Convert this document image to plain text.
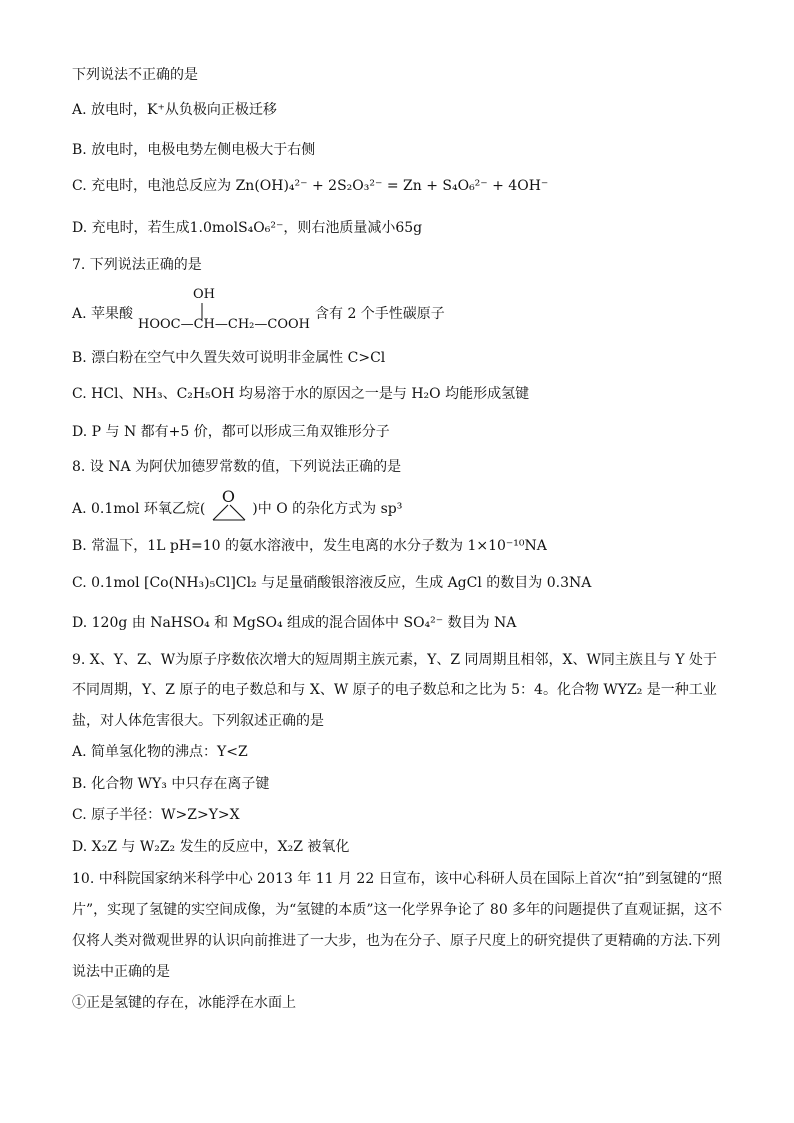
下列说法不正确的是
A. 放电时，K⁺从负极向正极迁移
B. 放电时，电极电势左侧电极大于右侧
C. 充电时，电池总反应为 Zn(OH)₄²⁻ + 2S₂O₃²⁻ = Zn + S₄O₆²⁻ + 4OH⁻
D. 充电时，若生成1.0molS₄O₆²⁻，则右池质量减小65g
7. 下列说法正确的是
A. 苹果酸
OH
HOOC—CH—CH₂—COOH
含有 2 个手性碳原子
B. 漂白粉在空气中久置失效可说明非金属性 C>Cl
C. HCl、NH₃、C₂H₅OH 均易溶于水的原因之一是与 H₂O 均能形成氢键
D. P 与 N 都有+5 价，都可以形成三角双锥形分子
8. 设 NA 为阿伏加德罗常数的值，下列说法正确的是
A. 0.1mol 环氧乙烷(
O
)中 O 的杂化方式为 sp³
B. 常温下，1L pH=10 的氨水溶液中，发生电离的水分子数为 1×10⁻¹⁰NA
C. 0.1mol [Co(NH₃)₅Cl]Cl₂ 与足量硝酸银溶液反应，生成 AgCl 的数目为 0.3NA
D. 120g 由 NaHSO₄ 和 MgSO₄ 组成的混合固体中 SO₄²⁻ 数目为 NA
9. X、Y、Z、W为原子序数依次增大的短周期主族元素，Y、Z 同周期且相邻，X、W同主族且与 Y 处于
不同周期，Y、Z 原子的电子数总和与 X、W 原子的电子数总和之比为 5：4。化合物 WYZ₂ 是一种工业
盐，对人体危害很大。下列叙述正确的是
A. 简单氢化物的沸点：Y<Z
B. 化合物 WY₃ 中只存在离子键
C. 原子半径：W>Z>Y>X
D. X₂Z 与 W₂Z₂ 发生的反应中，X₂Z 被氧化
10. 中科院国家纳米科学中心 2013 年 11 月 22 日宣布，该中心科研人员在国际上首次“拍”到氢键的“照
片”，实现了氢键的实空间成像，为“氢键的本质”这一化学界争论了 80 多年的问题提供了直观证据，这不
仅将人类对微观世界的认识向前推进了一大步，也为在分子、原子尺度上的研究提供了更精确的方法.下列
说法中正确的是
①正是氢键的存在，冰能浮在水面上
